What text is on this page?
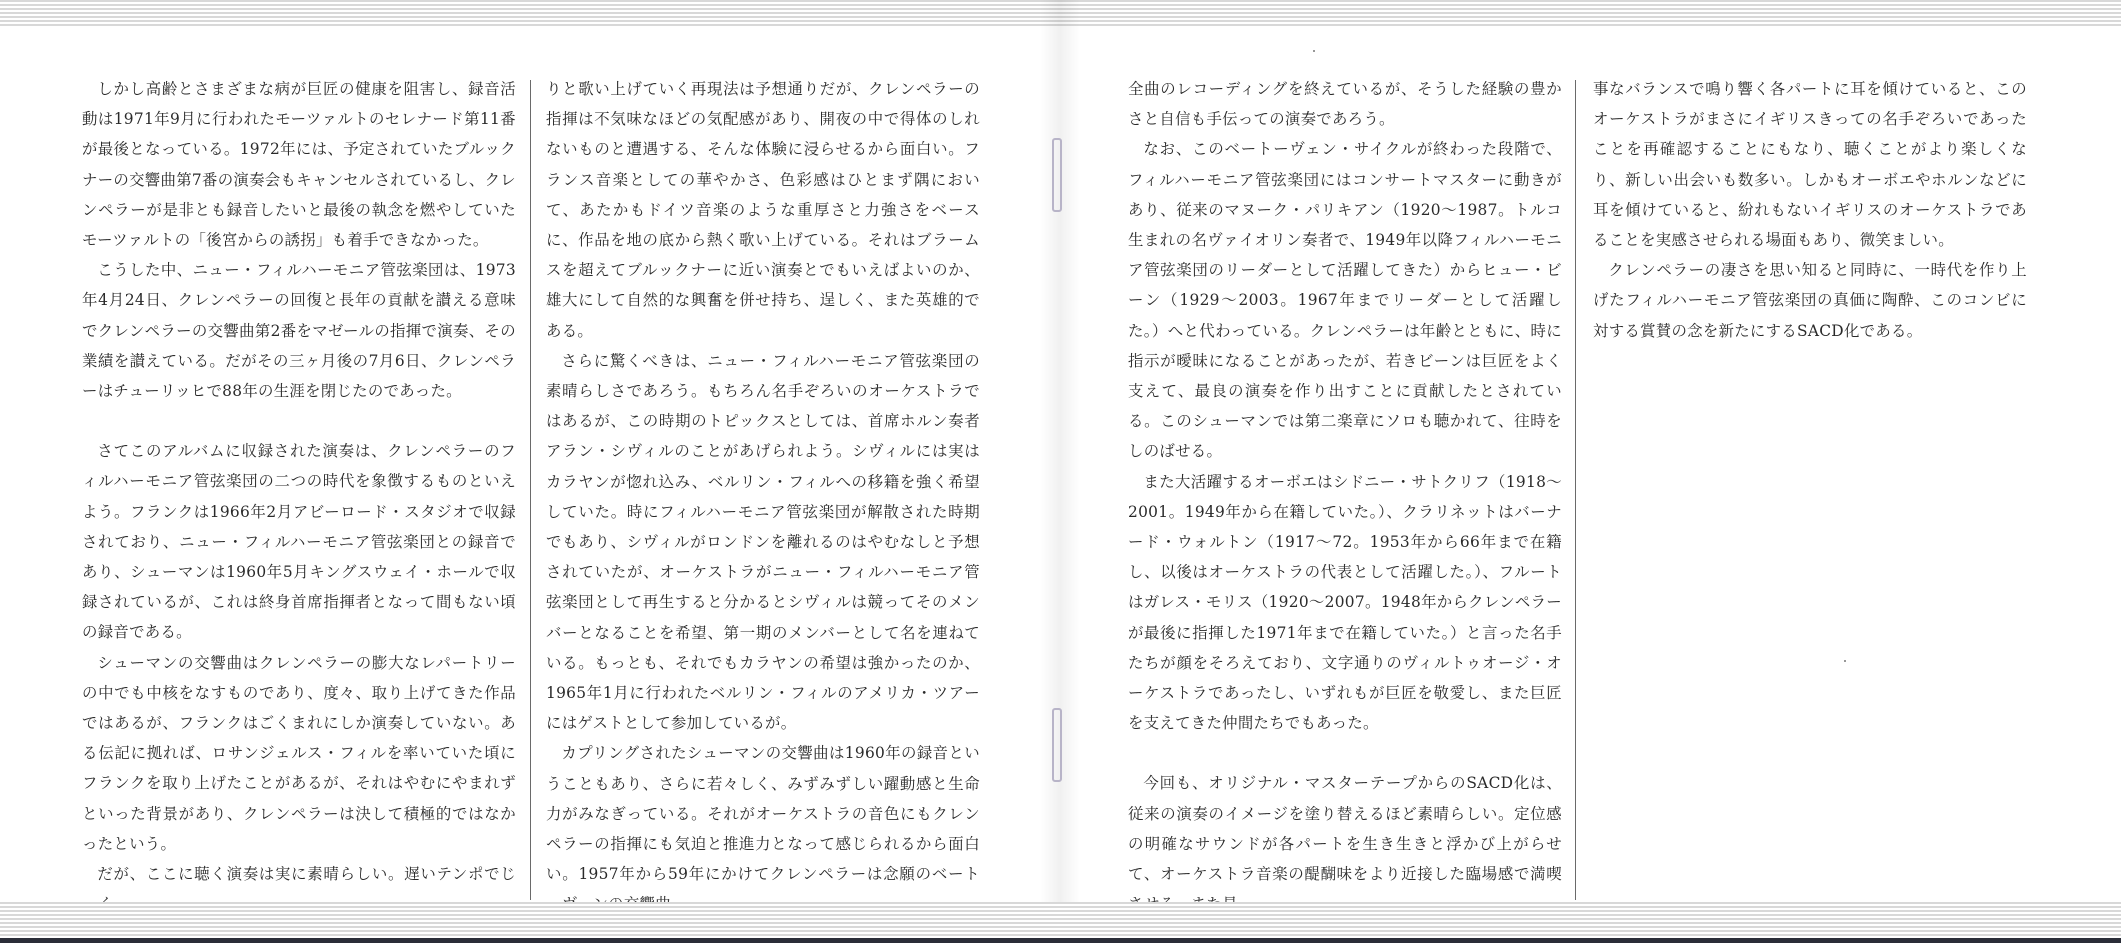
しかし高齢とさまざまな病が巨匠の健康を阻害し、録音活動は1971年9月に行われたモーツァルトのセレナード第11番が最後となっている。1972年には、予定されていたブルックナーの交響曲第7番の演奏会もキャンセルされているし、クレンペラーが是非とも録音したいと最後の執念を燃やしていたモーツァルトの「後宮からの誘拐」も着手できなかった。

こうした中、ニュー・フィルハーモニア管弦楽団は、1973年4月24日、クレンペラーの回復と長年の貢献を讃える意味でクレンペラーの交響曲第2番をマゼールの指揮で演奏、その業績を讃えている。だがその三ヶ月後の7月6日、クレンペラーはチューリッヒで88年の生涯を閉じたのであった。

さてこのアルバムに収録された演奏は、クレンペラーのフィルハーモニア管弦楽団の二つの時代を象徴するものといえよう。フランクは1966年2月アビーロード・スタジオで収録されており、ニュー・フィルハーモニア管弦楽団との録音であり、シューマンは1960年5月キングスウェイ・ホールで収録されているが、これは終身首席指揮者となって間もない頃の録音である。

シューマンの交響曲はクレンペラーの膨大なレパートリーの中でも中核をなすものであり、度々、取り上げてきた作品ではあるが、フランクはごくまれにしか演奏していない。ある伝記に拠れば、ロサンジェルス・フィルを率いていた頃にフランクを取り上げたことがあるが、それはやむにやまれずといった背景があり、クレンペラーは決して積極的ではなかったという。

だが、ここに聴く演奏は実に素晴らしい。遅いテンポでじ

りと歌い上げていく再現法は予想通りだが、クレンペラーの指揮は不気味なほどの気配感があり、開夜の中で得体のしれないものと遭遇する、そんな体験に浸らせるから面白い。フランス音楽としての華やかさ、色彩感はひとまず隅において、あたかもドイツ音楽のような重厚さと力強さをベースに、作品を地の底から熱く歌い上げている。それはブラームスを超えてブルックナーに近い演奏とでもいえばよいのか、雄大にして自然的な興奮を併せ持ち、逞しく、また英雄的である。

さらに驚くべきは、ニュー・フィルハーモニア管弦楽団の素晴らしさであろう。もちろん名手ぞろいのオーケストラではあるが、この時期のトピックスとしては、首席ホルン奏者アラン・シヴィルのことがあげられよう。シヴィルには実はカラヤンが惚れ込み、ベルリン・フィルへの移籍を強く希望していた。時にフィルハーモニア管弦楽団が解散された時期でもあり、シヴィルがロンドンを離れるのはやむなしと予想されていたが、オーケストラがニュー・フィルハーモニア管弦楽団として再生すると分かるとシヴィルは競ってそのメンバーとなることを希望、第一期のメンバーとして名を連ねている。もっとも、それでもカラヤンの希望は強かったのか、1965年1月に行われたベルリン・フィルのアメリカ・ツアーにはゲストとして参加しているが。

カプリングされたシューマンの交響曲は1960年の録音ということもあり、さらに若々しく、みずみずしい躍動感と生命力がみなぎっている。それがオーケストラの音色にもクレンペラーの指揮にも気迫と推進力となって感じられるから面白い。1957年から59年にかけてクレンペラーは念願のベート

全曲のレコーディングを終えているが、そうした経験の豊かさと自信も手伝っての演奏であろう。

なお、このベートーヴェン・サイクルが終わった段階で、フィルハーモニア管弦楽団にはコンサートマスターに動きがあり、従来のマヌーク・パリキアン（1920～1987。トルコ生まれの名ヴァイオリン奏者で、1949年以降フィルハーモニア管弦楽団のリーダーとして活躍してきた）からヒュー・ビーン（1929～2003。1967年までリーダーとして活躍した。）へと代わっている。クレンペラーは年齢とともに、時に指示が曖昧になることがあったが、若きビーンは巨匠をよく支えて、最良の演奏を作り出すことに貢献したとされている。このシューマンでは第二楽章にソロも聴かれて、往時をしのばせる。

また大活躍するオーボエはシドニー・サトクリフ（1918～2001。1949年から在籍していた。）、クラリネットはバーナード・ウォルトン（1917～72。1953年から66年まで在籍し、以後はオーケストラの代表として活躍した。）、フルートはガレス・モリス（1920～2007。1948年からクレンペラーが最後に指揮した1971年まで在籍していた。）と言った名手たちが顔をそろえており、文字通りのヴィルトゥオージ・オーケストラであったし、いずれもが巨匠を敬愛し、また巨匠を支えてきた仲間たちでもあった。

今回も、オリジナル・マスターテープからのSACD化は、従来の演奏のイメージを塗り替えるほど素晴らしい。定位感の明確なサウンドが各パートを生き生きと浮かび上がらせて、オーケストラ音楽の醍醐味をより近接した臨場感で満喫

事なバランスで鳴り響く各パートに耳を傾けていると、このオーケストラがまさにイギリスきっての名手ぞろいであったことを再確認することにもなり、聴くことがより楽しくなり、新しい出会いも数多い。しかもオーボエやホルンなどに耳を傾けていると、紛れもないイギリスのオーケストラであることを実感させられる場面もあり、微笑ましい。

クレンペラーの凄さを思い知ると同時に、一時代を作り上げたフィルハーモニア管弦楽団の真価に陶酔、このコンビに対する賞賛の念を新たにするSACD化である。
